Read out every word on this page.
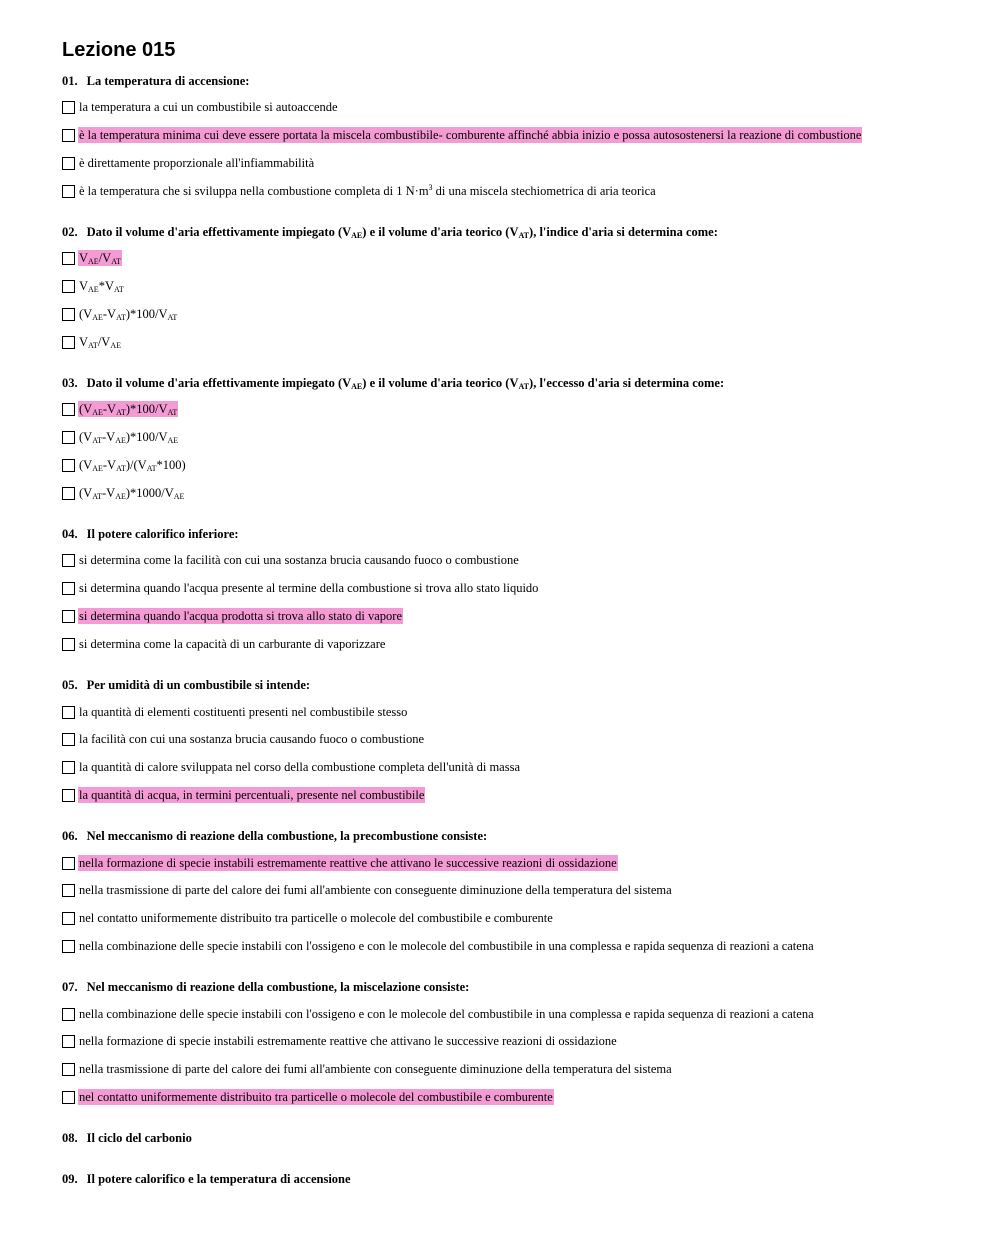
Lezione 015
01. La temperatura di accensione:
la temperatura a cui un combustibile si autoaccende
è la temperatura minima cui deve essere portata la miscela combustibile- comburente affinché abbia inizio e possa autosostenersi la reazione di combustione
è direttamente proporzionale all'infiammabilità
è la temperatura che si sviluppa nella combustione completa di 1 $N\cdot m^3$ di una miscela stechiometrica di aria teorica
02. Dato il volume d'aria effettivamente impiegato $(V_{AE})$ e il volume d'aria teorico $(V_{AT})$, l'indice d'aria si determina come:
$V_{AE}/V_{AT}$
$V_{AE}*V_{AT}$
$(V_{AE}-V_{AT})*100/V_{AT}$
$V_{AT}/V_{AE}$
03. Dato il volume d'aria effettivamente impiegato $(V_{AE})$ e il volume d'aria teorico $(V_{AT})$, l'eccesso d'aria si determina come:
$(V_{AE}-V_{AT})*100/V_{AT}$
$(V_{AT}-V_{AE})*100/V_{AE}$
$(V_{AE}-V_{AT})/(V_{AT}*100)$
$(V_{AT}-V_{AE})*1000/V_{AE}$
04. Il potere calorifico inferiore:
si determina come la facilità con cui una sostanza brucia causando fuoco o combustione
si determina quando l'acqua presente al termine della combustione si trova allo stato liquido
si determina quando l'acqua prodotta si trova allo stato di vapore
si determina come la capacità di un carburante di vaporizzare
05. Per umidità di un combustibile si intende:
la quantità di elementi costituenti presenti nel combustibile stesso
la facilità con cui una sostanza brucia causando fuoco o combustione
la quantità di calore sviluppata nel corso della combustione completa dell'unità di massa
la quantità di acqua, in termini percentuali, presente nel combustibile
06. Nel meccanismo di reazione della combustione, la precombustione consiste:
nella formazione di specie instabili estremamente reattive che attivano le successive reazioni di ossidazione
nella trasmissione di parte del calore dei fumi all'ambiente con conseguente diminuzione della temperatura del sistema
nel contatto uniformemente distribuito tra particelle o molecole del combustibile e comburente
nella combinazione delle specie instabili con l'ossigeno e con le molecole del combustibile in una complessa e rapida sequenza di reazioni a catena
07. Nel meccanismo di reazione della combustione, la miscelazione consiste:
nella combinazione delle specie instabili con l'ossigeno e con le molecole del combustibile in una complessa e rapida sequenza di reazioni a catena
nella formazione di specie instabili estremamente reattive che attivano le successive reazioni di ossidazione
nella trasmissione di parte del calore dei fumi all'ambiente con conseguente diminuzione della temperatura del sistema
nel contatto uniformemente distribuito tra particelle o molecole del combustibile e comburente
08. Il ciclo del carbonio
09. Il potere calorifico e la temperatura di accensione
